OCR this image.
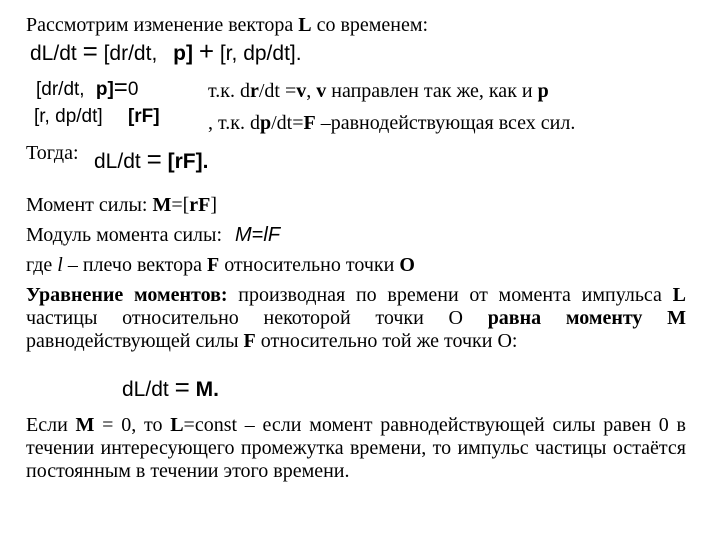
Рассмотрим изменение вектора L со временем:
dL/dt = [dr/dt, p] + [r, dp/dt].
[dr/dt, p]=0	т.к. dr/dt =v, v направлен так же, как и p
[r, dp/dt] [rF] , т.к. dp/dt=F –равнодействующая всех сил.
Тогда: dL/dt = [rF].
Момент силы: M=[rF]
Модуль момента силы: M=lF
где l – плечо вектора F относительно точки O

Уравнение моментов: производная по времени от момента импульса L частицы относительно некоторой точки О равна моменту М равнодействующей силы F относительно той же точки О:

dL/dt = M.

Если M = 0, то L=const – если момент равнодействующей силы равен 0 в течении интересующего промежутка времени, то импульс частицы остаётся постоянным в течении этого времени.
